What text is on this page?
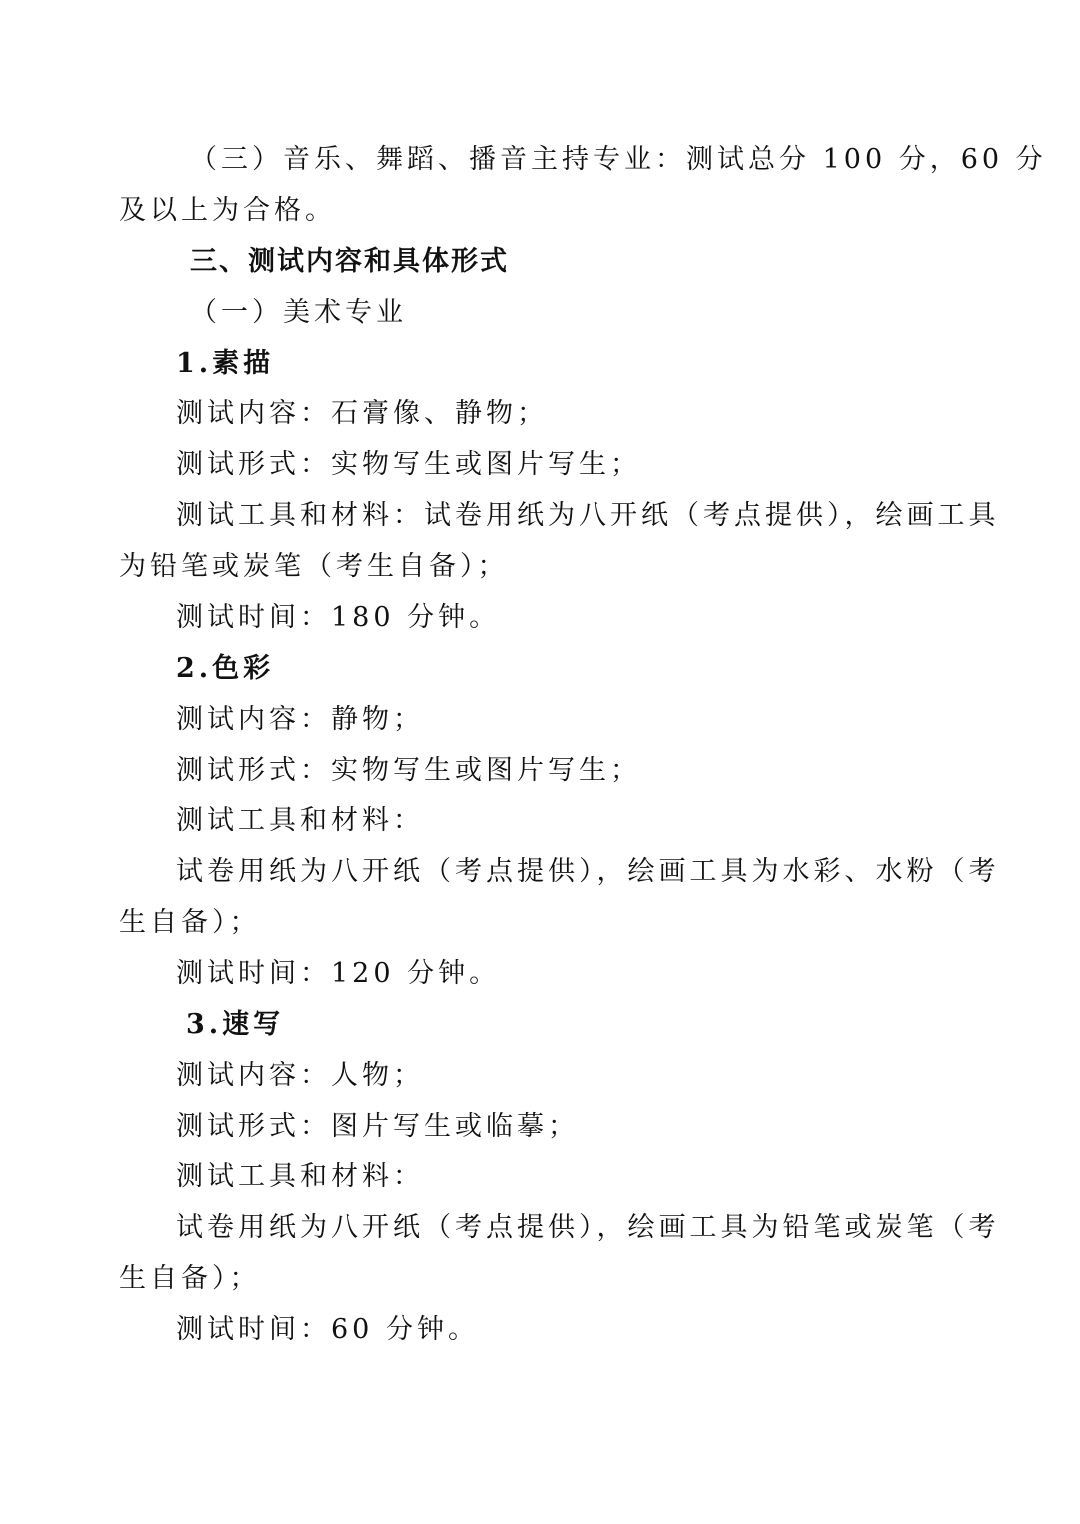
（三）音乐、舞蹈、播音主持专业：测试总分 100 分，60 分
及以上为合格。
三、测试内容和具体形式
（一）美术专业
1.素描
测试内容：石膏像、静物；
测试形式：实物写生或图片写生；
测试工具和材料：试卷用纸为八开纸（考点提供），绘画工具
为铅笔或炭笔（考生自备）；
测试时间：180 分钟。
2.色彩
测试内容：静物；
测试形式：实物写生或图片写生；
测试工具和材料：
试卷用纸为八开纸（考点提供），绘画工具为水彩、水粉（考
生自备）；
测试时间：120 分钟。
3.速写
测试内容：人物；
测试形式：图片写生或临摹；
测试工具和材料：
试卷用纸为八开纸（考点提供），绘画工具为铅笔或炭笔（考
生自备）；
测试时间：60 分钟。
